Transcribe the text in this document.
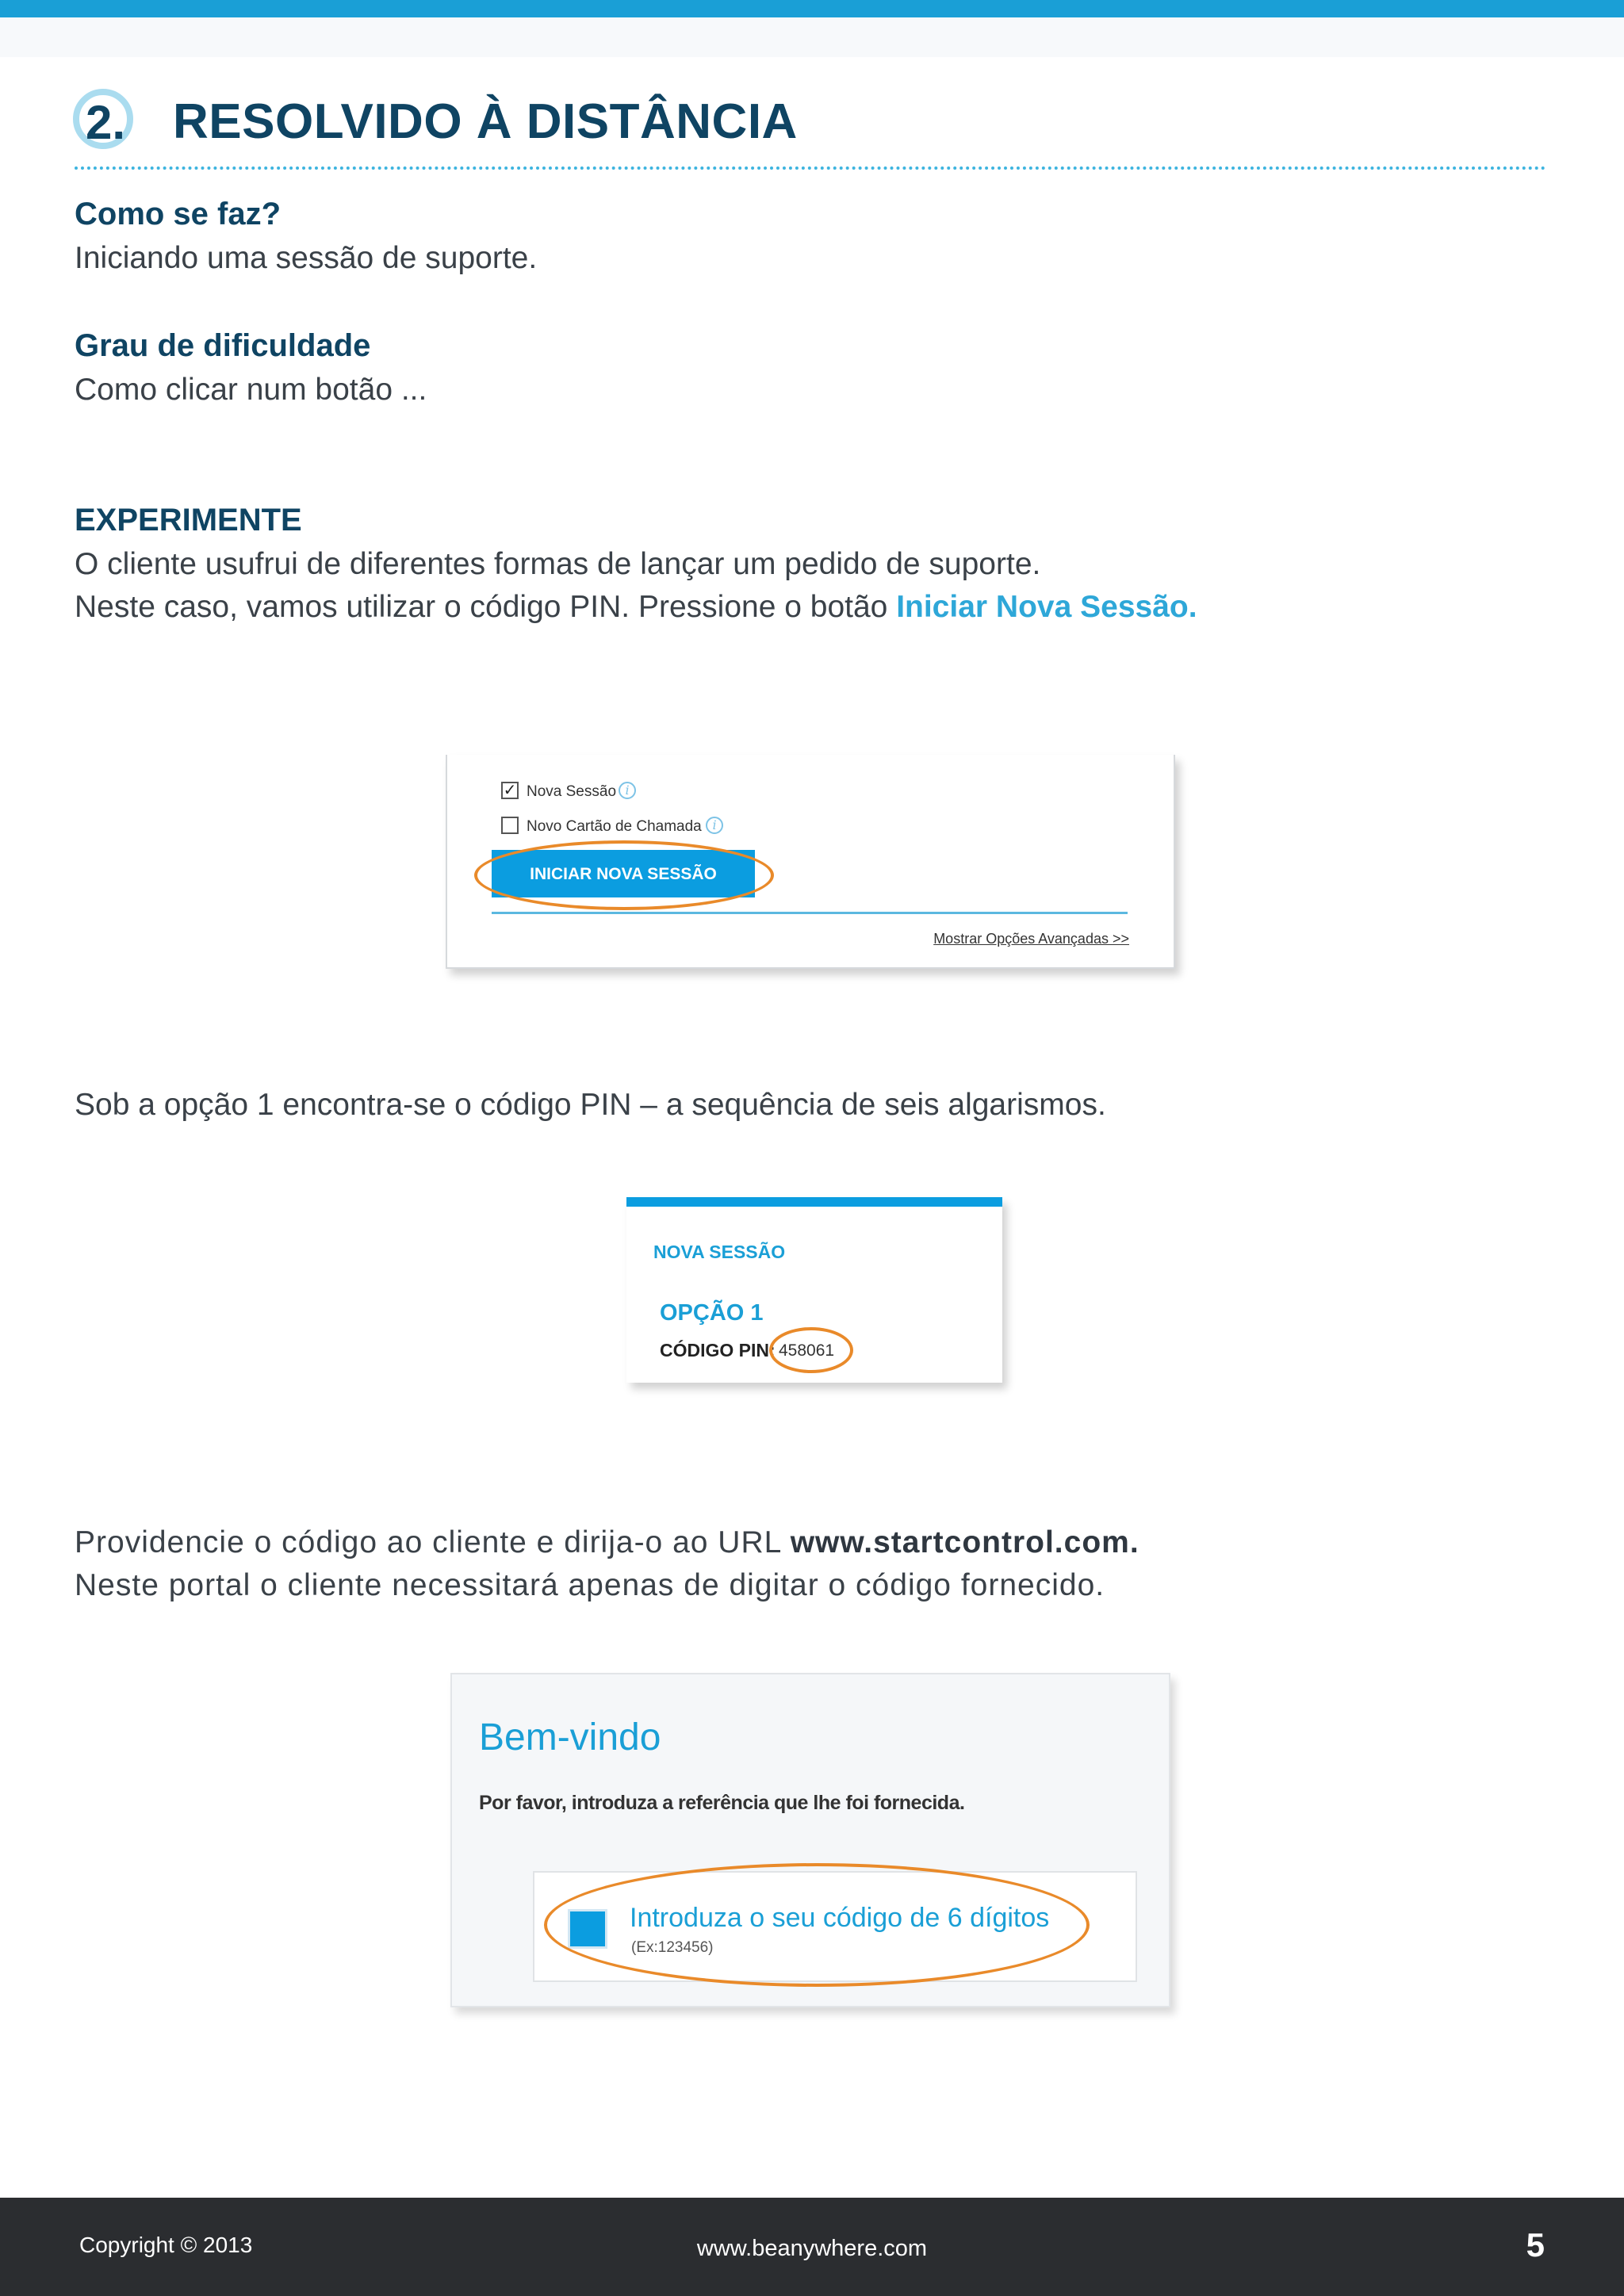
2. RESOLVIDO À DISTÂNCIA
Como se faz?
Iniciando uma sessão de suporte.
Grau de dificuldade
Como clicar num botão ...
EXPERIMENTE
O cliente usufrui de diferentes formas de lançar um pedido de suporte.
Neste caso, vamos utilizar o código PIN. Pressione o botão Iniciar Nova Sessão.
✓ Nova Sessão i
Novo Cartão de Chamada i
INICIAR NOVA SESSÃO
Mostrar Opções Avançadas >>
Sob a opção 1 encontra-se o código PIN – a sequência de seis algarismos.
NOVA SESSÃO
OPÇÃO 1
CÓDIGO PIN: 458061
Providencie o código ao cliente e dirija-o ao URL www.startcontrol.com.
Neste portal o cliente necessitará apenas de digitar o código fornecido.
Bem-vindo
Por favor, introduza a referência que lhe foi fornecida.
Introduza o seu código de 6 dígitos
(Ex:123456)
Copyright © 2013	www.beanywhere.com	5
